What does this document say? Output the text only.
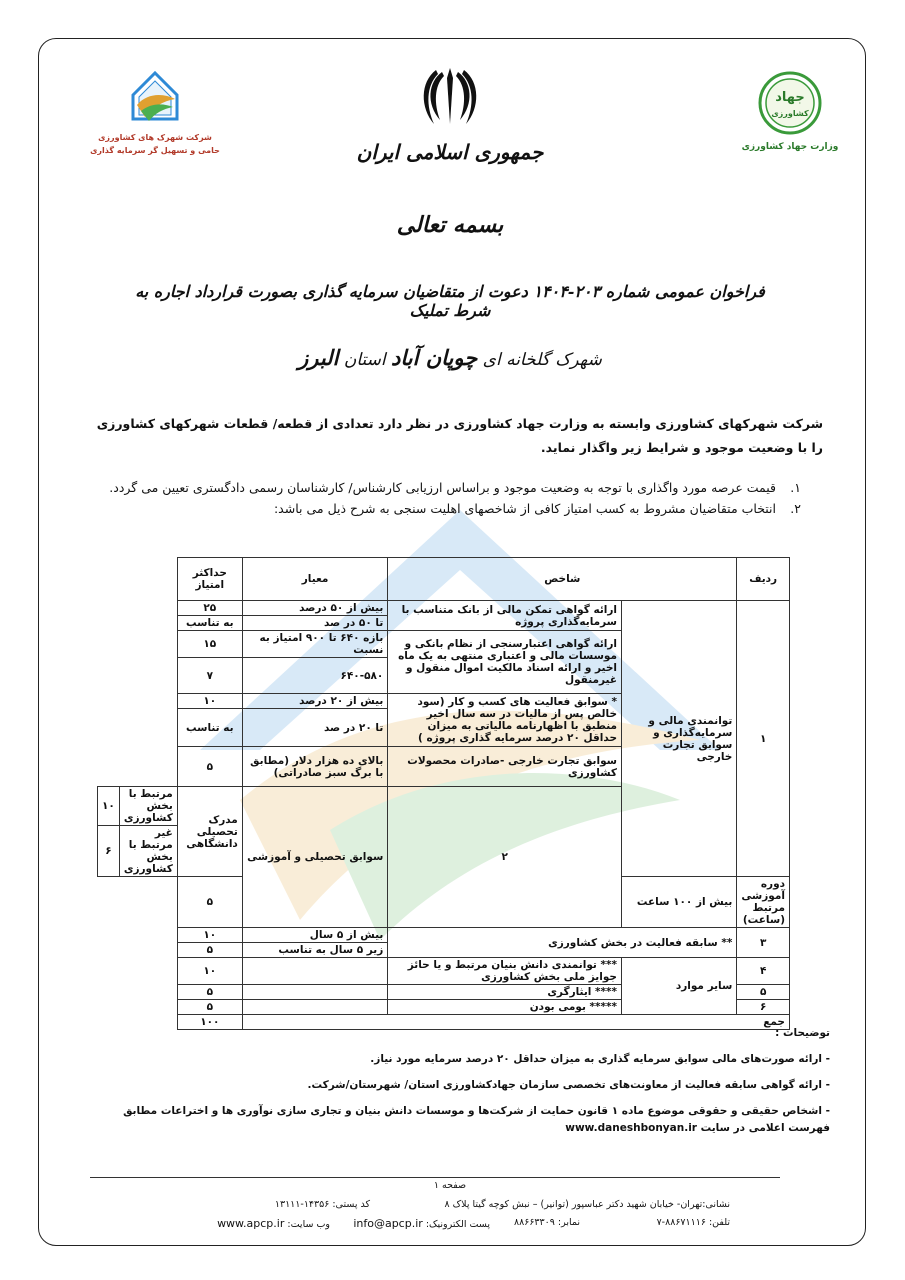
جهاد
کشاورزی
وزارت جهاد کشاورزی
جمهوری اسلامی ایران
شرکت شهرک های کشاورزی
حامی و تسهیل گر سرمایه گذاری
بسمه تعالی
فراخوان عمومی شماره ۲۰۳-۱۴۰۴ دعوت از متقاضیان سرمایه گذاری بصورت قرارداد اجاره به شرط تملیک
شهرک گلخانه ای چوپان آباد استان البرز
شرکت شهرکهای کشاورزی وابسته به وزارت جهاد کشاورزی در نظر دارد تعدادی از قطعه/ قطعات شهرکهای کشاورزی را با وضعیت موجود و شرایط زیر واگذار نماید.
۱.
قیمت عرصه مورد واگذاری با توجه به وضعیت موجود و براساس ارزیابی کارشناس/ کارشناسان رسمی دادگستری تعیین می گردد.
۲.
انتخاب متقاضیان مشروط به کسب امتیاز کافی از شاخصهای اهلیت سنجی به شرح ذیل می باشد:
ردیف	شاخص		معیار	حداکثر امتیاز		
۱	توانمندی مالی و سرمایه‌گذاری و سوابق تجارت خارجی	ارائه گواهی تمکن مالی از بانک متناسب با سرمایه‌گذاری پروژه	بیش از ۵۰ درصد	۲۵		
			تا ۵۰ در صد	به تناسب		
		ارائه گواهی اعتبارسنجی از نظام بانکی و موسسات مالی و اعتباری منتهی به یک ماه اخیر و ارائه اسناد مالکیت اموال منقول و غیرمنقول	بازه ۶۴۰ تا ۹۰۰ امتیاز به نسبت	۱۵		
			۶۴۰-۵۸۰	۷		
		* سوابق فعالیت های کسب و کار (سود خالص پس از مالیات در سه سال اخیر منطبق با اظهارنامه مالیاتی به میزان حداقل ۲۰ درصد سرمایه گذاری پروژه )	بیش از ۲۰ درصد	۱۰		
			تا ۲۰ در صد	به تناسب		
		سوابق تجارت خارجی -صادرات محصولات کشاورزی	بالای ده هزار دلار (مطابق با برگ سبز صادراتی)	۵		
		۲	سوابق تحصیلی و آموزشی	مدرک تحصیلی دانشگاهی	مرتبط با بخش کشاورزی	۱۰
					غیر مرتبط با بخش کشاورزی	۶
دوره آموزشی مرتبط (ساعت)	بیش از ۱۰۰ ساعت			۵		
۳	** سابقه فعالیت در بخش کشاورزی		بیش از ۵ سال	۱۰		
			زیر ۵ سال به تناسب	۵		
۴	سایر موارد	*** توانمندی دانش بنیان مرتبط و یا حائز جوایز ملی بخش کشاورزی		۱۰		
۵		**** ایثارگری		۵		
۶		***** بومی بودن		۵		
جمع				۱۰۰		

توضیحات :

- ارائه صورت‌های مالی سوابق سرمایه گذاری به میزان حداقل ۲۰ درصد سرمایه مورد نیاز.

- ارائه گواهی سابقه فعالیت از معاونت‌های تخصصی سازمان جهادکشاورزی استان/ شهرستان/شرکت.

- اشخاص حقیقی و حقوقی موضوع ماده ۱ قانون حمایت از شرکت‌ها و موسسات دانش بنیان و تجاری سازی نوآوری ها و اختراعات مطابق فهرست اعلامی در سایت www.daneshbonyan.ir

صفحه ۱
نشانی:تهران- خیابان شهید دکتر عباسپور (توانیر) – نبش کوچه گیتا پلاک ۸
کد پستی: ۱۴۳۵۶-۱۳۱۱۱
تلفن: ۸۸۶۷۱۱۱۶-۷
نمابر: ۸۸۶۶۳۳۰۹
پست الکترونیک: info@apcp.ir
وب سایت: www.apcp.ir
